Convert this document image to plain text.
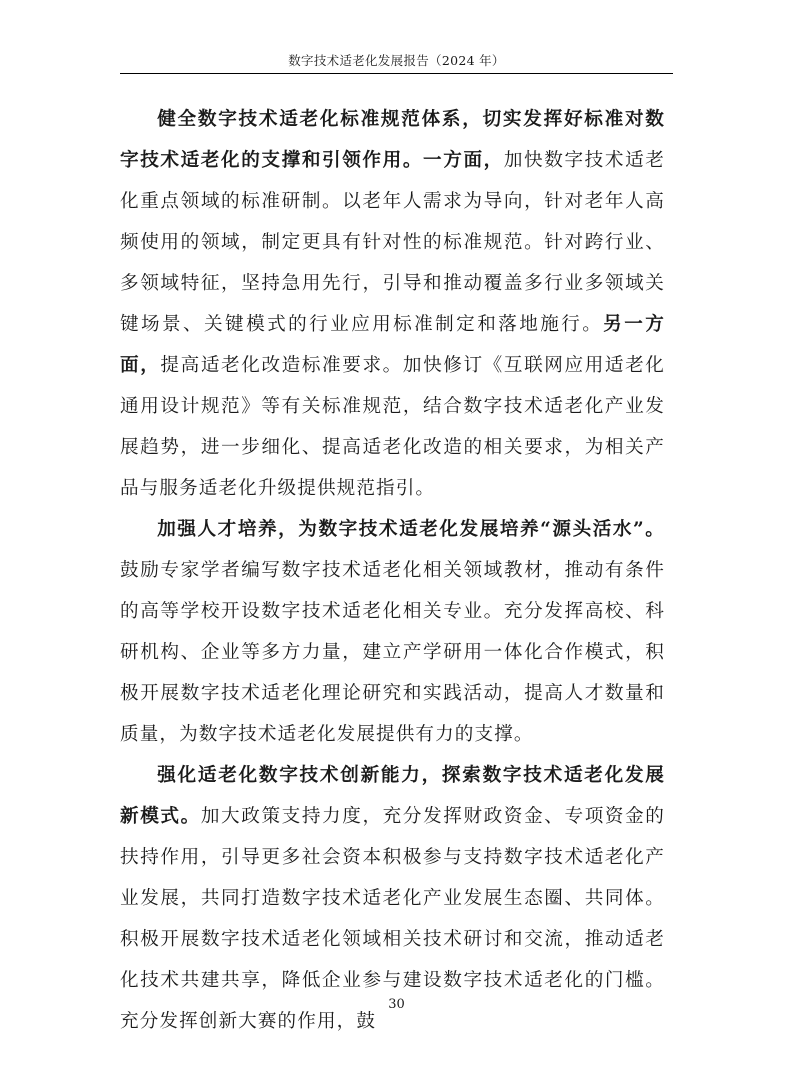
数字技术适老化发展报告（2024 年）

健全数字技术适老化标准规范体系，切实发挥好标准对数字技术适老化的支撑和引领作用。一方面，加快数字技术适老化重点领域的标准研制。以老年人需求为导向，针对老年人高频使用的领域，制定更具有针对性的标准规范。针对跨行业、多领域特征，坚持急用先行，引导和推动覆盖多行业多领域关键场景、关键模式的行业应用标准制定和落地施行。另一方面，提高适老化改造标准要求。加快修订《互联网应用适老化通用设计规范》等有关标准规范，结合数字技术适老化产业发展趋势，进一步细化、提高适老化改造的相关要求，为相关产品与服务适老化升级提供规范指引。

加强人才培养，为数字技术适老化发展培养“源头活水”。鼓励专家学者编写数字技术适老化相关领域教材，推动有条件的高等学校开设数字技术适老化相关专业。充分发挥高校、科研机构、企业等多方力量，建立产学研用一体化合作模式，积极开展数字技术适老化理论研究和实践活动，提高人才数量和质量，为数字技术适老化发展提供有力的支撑。

强化适老化数字技术创新能力，探索数字技术适老化发展新模式。加大政策支持力度，充分发挥财政资金、专项资金的扶持作用，引导更多社会资本积极参与支持数字技术适老化产业发展，共同打造数字技术适老化产业发展生态圈、共同体。积极开展数字技术适老化领域相关技术研讨和交流，推动适老化技术共建共享，降低企业参与建设数字技术适老化的门槛。充分发挥创新大赛的作用，鼓

30
